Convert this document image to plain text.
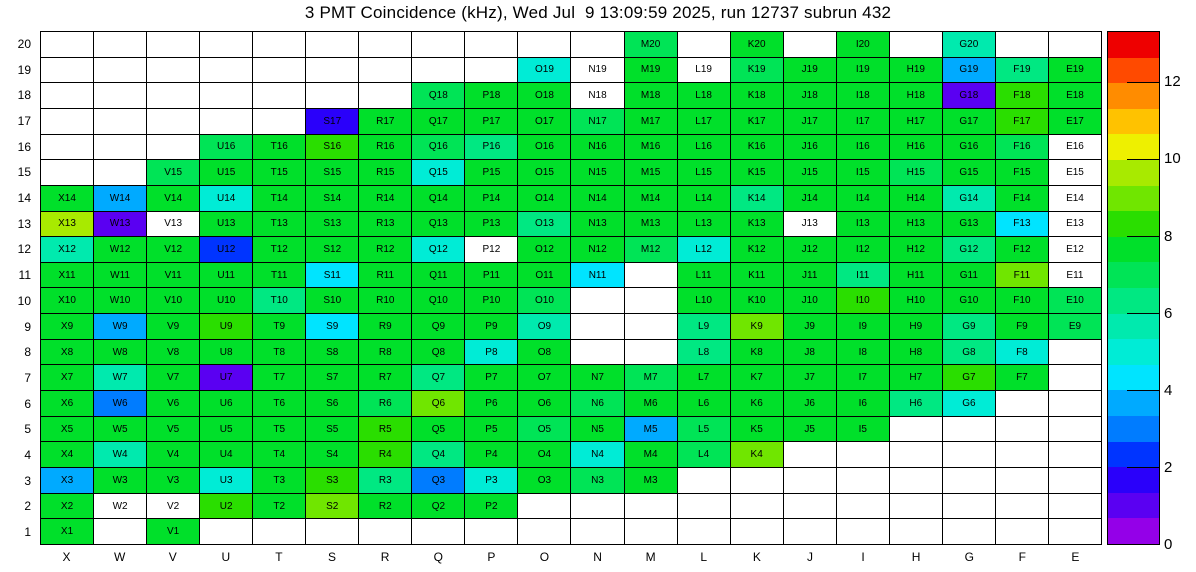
3 PMT Coincidence (kHz), Wed Jul  9 13:09:59 2025, run 12737 subrun 432
20
19
18
17
16
15
14
13
12
11
10
9
8
7
6
5
4
3
2
1
M20	K20	I20	G20
O19	N19	M19	L19	K19	J19	I19	H19	G19	F19	E19
Q18	P18	O18	N18	M18	L18	K18	J18	I18	H18	G18	F18	E18
S17	R17	Q17	P17	O17	N17	M17	L17	K17	J17	I17	H17	G17	F17	E17
U16	T16	S16	R16	Q16	P16	O16	N16	M16	L16	K16	J16	I16	H16	G16	F16	E16
V15	U15	T15	S15	R15	Q15	P15	O15	N15	M15	L15	K15	J15	I15	H15	G15	F15	E15
X14	W14	V14	U14	T14	S14	R14	Q14	P14	O14	N14	M14	L14	K14	J14	I14	H14	G14	F14	E14
X13	W13	V13	U13	T13	S13	R13	Q13	P13	O13	N13	M13	L13	K13	J13	I13	H13	G13	F13	E13
X12	W12	V12	U12	T12	S12	R12	Q12	P12	O12	N12	M12	L12	K12	J12	I12	H12	G12	F12	E12
X11	W11	V11	U11	T11	S11	R11	Q11	P11	O11	N11	L11	K11	J11	I11	H11	G11	F11	E11
X10	W10	V10	U10	T10	S10	R10	Q10	P10	O10	L10	K10	J10	I10	H10	G10	F10	E10
X9	W9	V9	U9	T9	S9	R9	Q9	P9	O9	L9	K9	J9	I9	H9	G9	F9	E9
X8	W8	V8	U8	T8	S8	R8	Q8	P8	O8	L8	K8	J8	I8	H8	G8	F8
X7	W7	V7	U7	T7	S7	R7	Q7	P7	O7	N7	M7	L7	K7	J7	I7	H7	G7	F7
X6	W6	V6	U6	T6	S6	R6	Q6	P6	O6	N6	M6	L6	K6	J6	I6	H6	G6
X5	W5	V5	U5	T5	S5	R5	Q5	P5	O5	N5	M5	L5	K5	J5	I5
X4	W4	V4	U4	T4	S4	R4	Q4	P4	O4	N4	M4	L4	K4
X3	W3	V3	U3	T3	S3	R3	Q3	P3	O3	N3	M3
X2	W2	V2	U2	T2	S2	R2	Q2	P2
X1	V1
X	W	V	U	T	S	R	Q	P	O	N	M	L	K	J	I	H	G	F	E
0
2
4
6
8
10
12
